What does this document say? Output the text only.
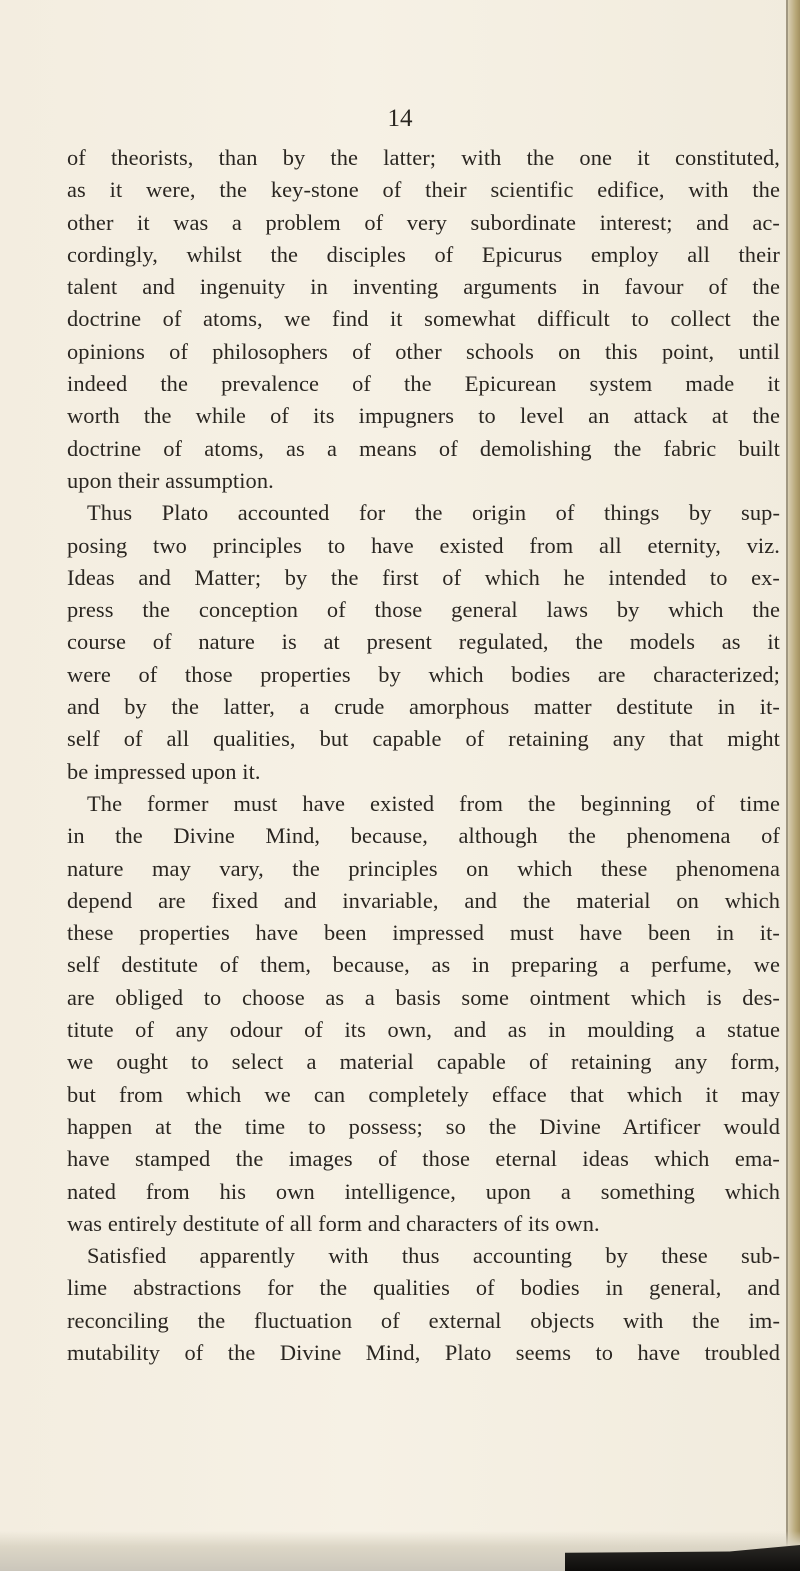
14
of theorists, than by the latter; with the one it constituted,
as it were, the key-stone of their scientific edifice, with the
other it was a problem of very subordinate interest; and ac-
cordingly, whilst the disciples of Epicurus employ all their
talent and ingenuity in inventing arguments in favour of the
doctrine of atoms, we find it somewhat difficult to collect the
opinions of philosophers of other schools on this point, until
indeed the prevalence of the Epicurean system made it
worth the while of its impugners to level an attack at the
doctrine of atoms, as a means of demolishing the fabric built
upon their assumption.
Thus Plato accounted for the origin of things by sup-
posing two principles to have existed from all eternity, viz.
Ideas and Matter; by the first of which he intended to ex-
press the conception of those general laws by which the
course of nature is at present regulated, the models as it
were of those properties by which bodies are characterized;
and by the latter, a crude amorphous matter destitute in it-
self of all qualities, but capable of retaining any that might
be impressed upon it.
The former must have existed from the beginning of time
in the Divine Mind, because, although the phenomena of
nature may vary, the principles on which these phenomena
depend are fixed and invariable, and the material on which
these properties have been impressed must have been in it-
self destitute of them, because, as in preparing a perfume, we
are obliged to choose as a basis some ointment which is des-
titute of any odour of its own, and as in moulding a statue
we ought to select a material capable of retaining any form,
but from which we can completely efface that which it may
happen at the time to possess; so the Divine Artificer would
have stamped the images of those eternal ideas which ema-
nated from his own intelligence, upon a something which
was entirely destitute of all form and characters of its own.
Satisfied apparently with thus accounting by these sub-
lime abstractions for the qualities of bodies in general, and
reconciling the fluctuation of external objects with the im-
mutability of the Divine Mind, Plato seems to have troubled
